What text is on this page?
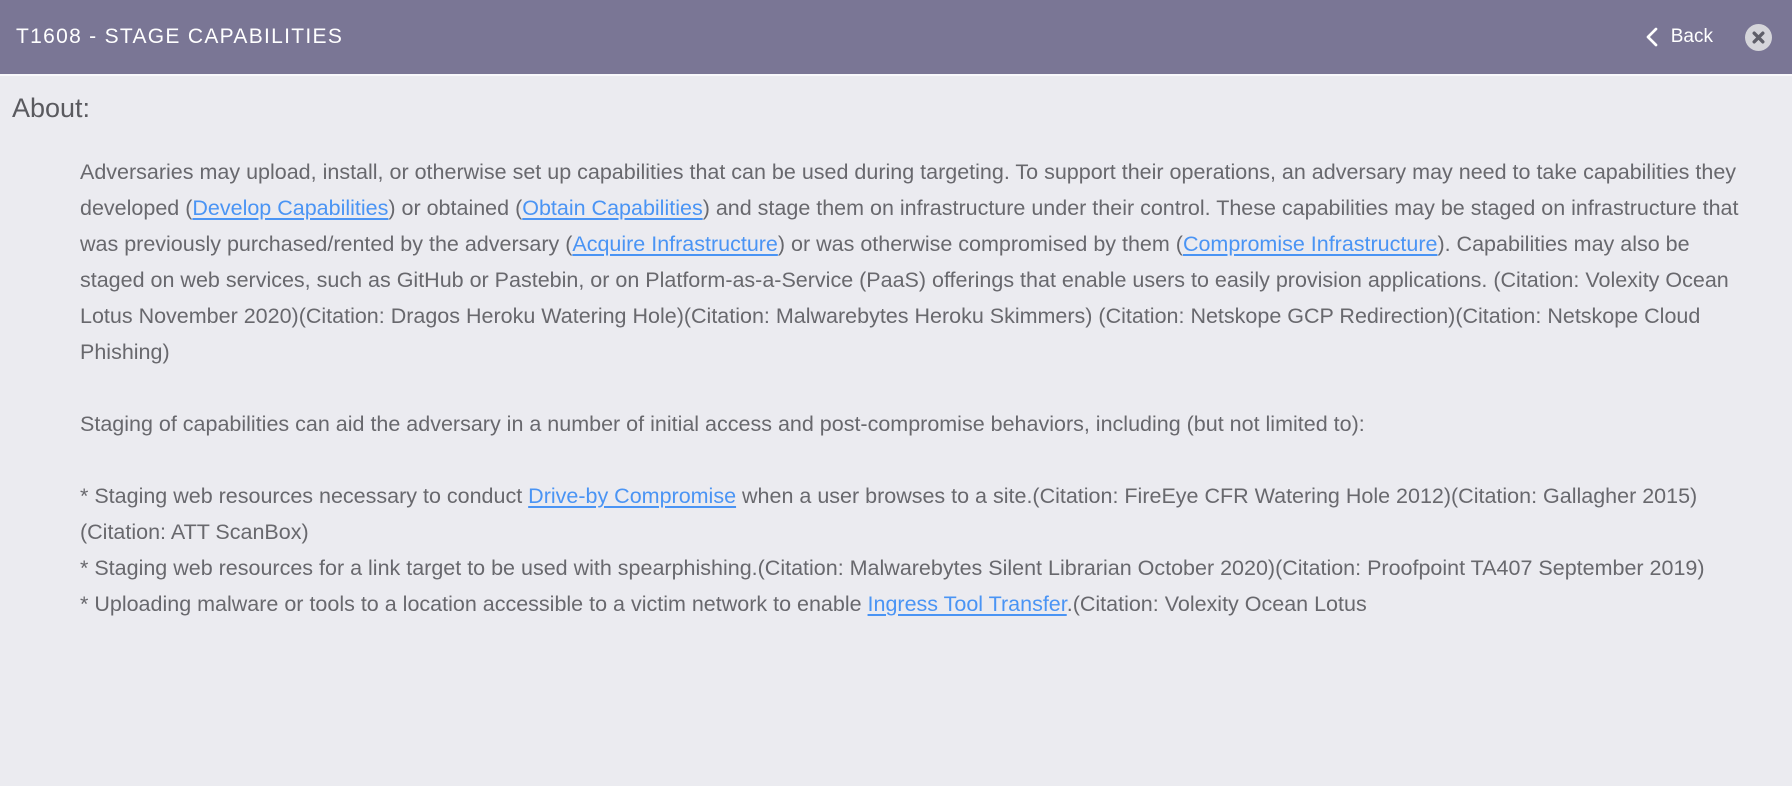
T1608 - STAGE CAPABILITIES	Back
About:

Adversaries may upload, install, or otherwise set up capabilities that can be used during targeting. To support their operations, an adversary may need to take capabilities they developed (Develop Capabilities) or obtained (Obtain Capabilities) and stage them on infrastructure under their control. These capabilities may be staged on infrastructure that was previously purchased/rented by the adversary (Acquire Infrastructure) or was otherwise compromised by them (Compromise Infrastructure). Capabilities may also be staged on web services, such as GitHub or Pastebin, or on Platform-as-a-Service (PaaS) offerings that enable users to easily provision applications. (Citation: Volexity Ocean Lotus November 2020)(Citation: Dragos Heroku Watering Hole)(Citation: Malwarebytes Heroku Skimmers) (Citation: Netskope GCP Redirection)(Citation: Netskope Cloud Phishing)

Staging of capabilities can aid the adversary in a number of initial access and post-compromise behaviors, including (but not limited to):

* Staging web resources necessary to conduct Drive-by Compromise when a user browses to a site.(Citation: FireEye CFR Watering Hole 2012)(Citation: Gallagher 2015)(Citation: ATT ScanBox)

* Staging web resources for a link target to be used with spearphishing.(Citation: Malwarebytes Silent Librarian October 2020)(Citation: Proofpoint TA407 September 2019)

* Uploading malware or tools to a location accessible to a victim network to enable Ingress Tool Transfer.(Citation: Volexity Ocean Lotus
